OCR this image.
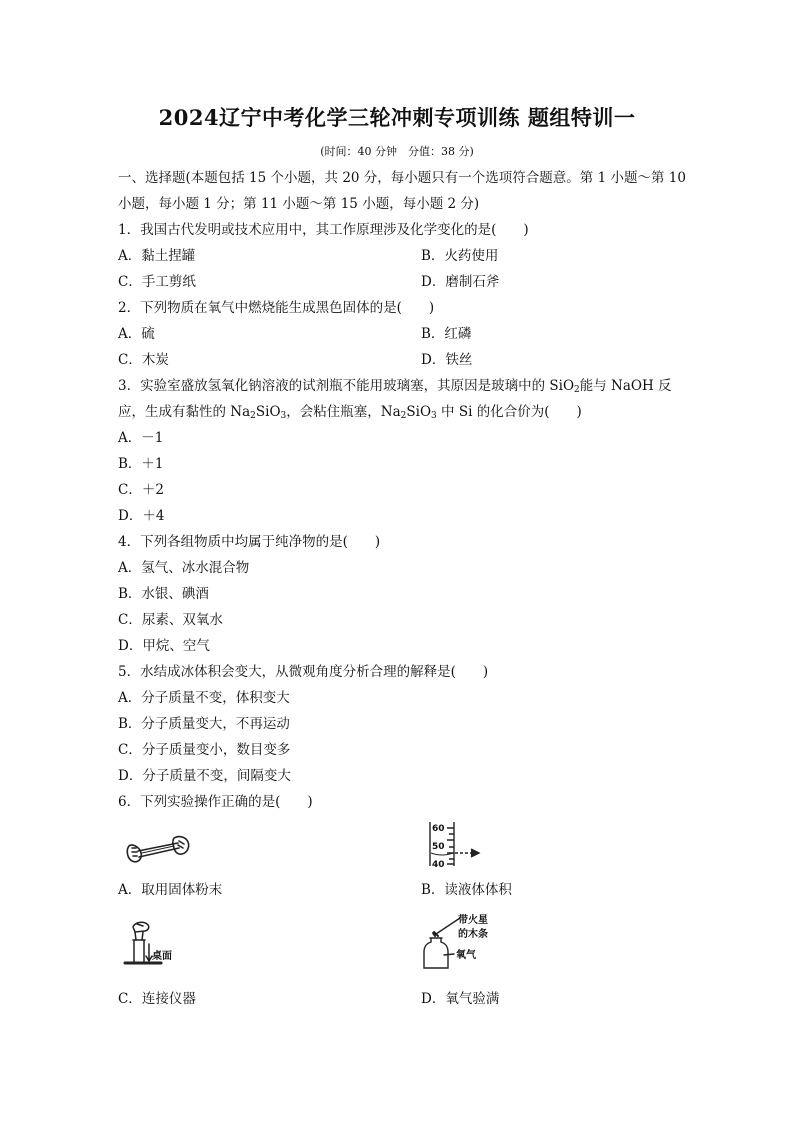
2024辽宁中考化学三轮冲刺专项训练 题组特训一
(时间：40 分钟　分值：38 分)
一、选择题(本题包括 15 个小题，共 20 分，每小题只有一个选项符合题意。第 1 小题～第 10
小题，每小题 1 分；第 11 小题～第 15 小题，每小题 2 分)
1．我国古代发明或技术应用中，其工作原理涉及化学变化的是(　　)
A．黏土捏罐	B．火药使用
C．手工剪纸	D．磨制石斧
2．下列物质在氧气中燃烧能生成黑色固体的是(　　)
A．硫	B．红磷
C．木炭	D．铁丝
3．实验室盛放氢氧化钠溶液的试剂瓶不能用玻璃塞，其原因是玻璃中的 SiO$_2$能与 NaOH 反
应，生成有黏性的 $Na_2SiO_3$，会粘住瓶塞，$Na_2SiO_3$ 中 Si 的化合价为(　　)
A．－1
B．＋1
C．＋2
D．＋4
4．下列各组物质中均属于纯净物的是(　　)
A．氢气、冰水混合物
B．水银、碘酒
C．尿素、双氧水
D．甲烷、空气
5．水结成冰体积会变大，从微观角度分析合理的解释是(　　)
A．分子质量不变，体积变大
B．分子质量变大，不再运动
C．分子质量变小，数目变多
D．分子质量不变，间隔变大
6．下列实验操作正确的是(　　)
A．取用固体粉末
60
50
40
B．读液体体积
桌面
C．连接仪器
带火星
的木条
氧气
D．氧气验满
